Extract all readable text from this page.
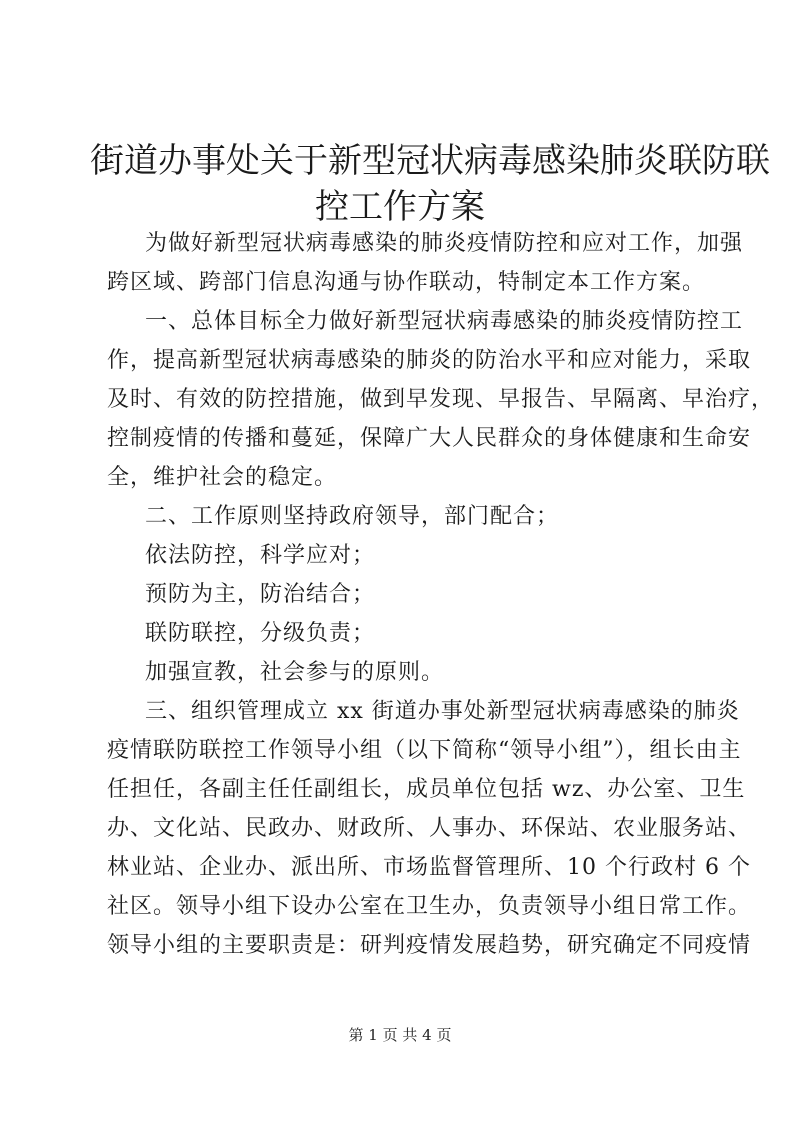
街道办事处关于新型冠状病毒感染肺炎联防联
控工作方案

为做好新型冠状病毒感染的肺炎疫情防控和应对工作，加强
跨区域、跨部门信息沟通与协作联动，特制定本工作方案。

一、总体目标全力做好新型冠状病毒感染的肺炎疫情防控工
作，提高新型冠状病毒感染的肺炎的防治水平和应对能力，采取
及时、有效的防控措施，做到早发现、早报告、早隔离、早治疗，
控制疫情的传播和蔓延，保障广大人民群众的身体健康和生命安
全，维护社会的稳定。

二、工作原则坚持政府领导，部门配合；

依法防控，科学应对；

预防为主，防治结合；

联防联控，分级负责；

加强宣教，社会参与的原则。

三、组织管理成立 xx 街道办事处新型冠状病毒感染的肺炎
疫情联防联控工作领导小组（以下简称“领导小组”），组长由主
任担任，各副主任任副组长，成员单位包括 wz、办公室、卫生
办、文化站、民政办、财政所、人事办、环保站、农业服务站、
林业站、企业办、派出所、市场监督管理所、10 个行政村 6 个
社区。领导小组下设办公室在卫生办，负责领导小组日常工作。
领导小组的主要职责是：研判疫情发展趋势，研究确定不同疫情

第 1 页 共 4 页
